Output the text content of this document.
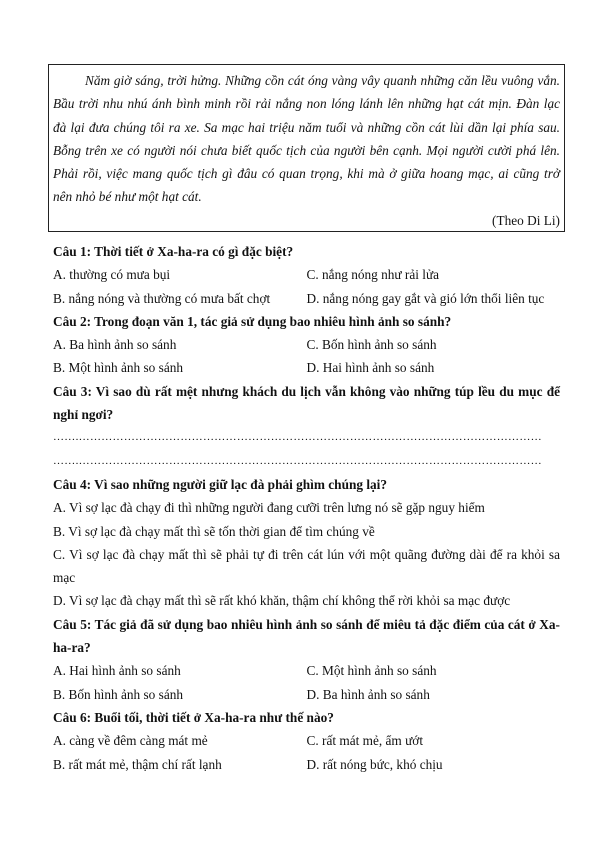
Năm giờ sáng, trời hửng. Những cồn cát óng vàng vây quanh những căn lều vuông vắn.
Bầu trời nhu nhú ánh bình minh rồi rải nắng non lóng lánh lên những hạt cát mịn. Đàn lạc
đà lại đưa chúng tôi ra xe. Sa mạc hai triệu năm tuổi và những cồn cát lùi dần lại phía sau.
Bỗng trên xe có người nói chưa biết quốc tịch của người bên cạnh. Mọi người cười phá lên.
Phải rồi, việc mang quốc tịch gì đâu có quan trọng, khi mà ở giữa hoang mạc, ai cũng trở
nên nhỏ bé như một hạt cát.
(Theo Di Li)
Câu 1: Thời tiết ở Xa-ha-ra có gì đặc biệt?
A. thường có mưa bụi	C. nắng nóng như rải lửa
B. nắng nóng và thường có mưa bất chợt	D. nắng nóng gay gắt và gió lớn thổi liên tục
Câu 2: Trong đoạn văn 1, tác giả sử dụng bao nhiêu hình ảnh so sánh?
A. Ba hình ảnh so sánh	C. Bốn hình ảnh so sánh
B. Một hình ảnh so sánh	D. Hai hình ảnh so sánh
Câu 3: Vì sao dù rất mệt nhưng khách du lịch vẫn không vào những túp lều du mục để nghỉ ngơi?
…….……………………………………………………………………………………………………………
…….……………………………………………………………………………………………………………
Câu 4: Vì sao những người giữ lạc đà phải ghìm chúng lại?
A. Vì sợ lạc đà chạy đi thì những người đang cưỡi trên lưng nó sẽ gặp nguy hiểm
B. Vì sợ lạc đà chạy mất thì sẽ tốn thời gian để tìm chúng về
C. Vì sợ lạc đà chạy mất thì sẽ phải tự đi trên cát lún với một quãng đường dài để ra khỏi sa mạc
D. Vì sợ lạc đà chạy mất thì sẽ rất khó khăn, thậm chí không thể rời khỏi sa mạc được
Câu 5: Tác giả đã sử dụng bao nhiêu hình ảnh so sánh để miêu tả đặc điểm của cát ở Xa-ha-ra?
A. Hai hình ảnh so sánh	C. Một hình ảnh so sánh
B. Bốn hình ảnh so sánh	D. Ba hình ảnh so sánh
Câu 6: Buổi tối, thời tiết ở Xa-ha-ra như thế nào?
A. càng về đêm càng mát mẻ	C. rất mát mẻ, ẩm ướt
B. rất mát mẻ, thậm chí rất lạnh	D. rất nóng bức, khó chịu
